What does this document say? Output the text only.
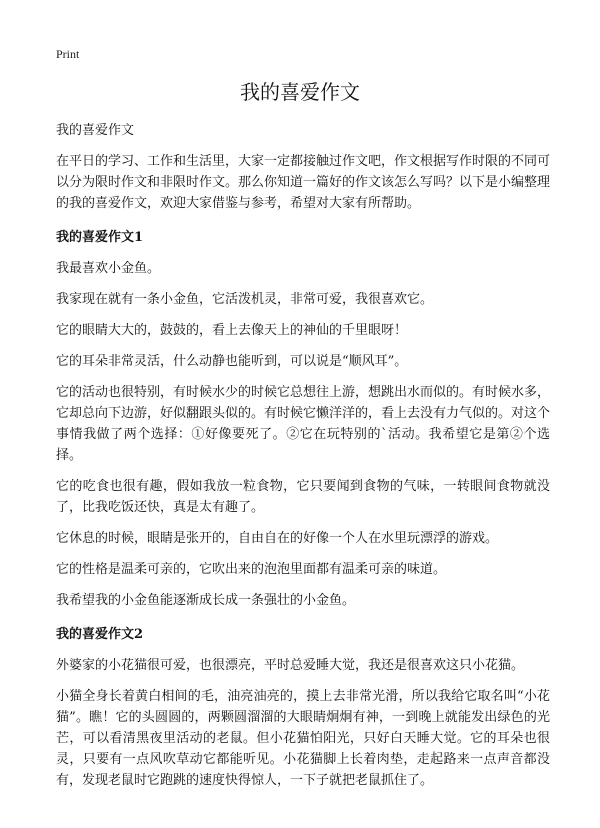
Print
我的喜爱作文

我的喜爱作文

在平日的学习、工作和生活里，大家一定都接触过作文吧，作文根据写作时限的不同可以分为限时作文和非限时作文。那么你知道一篇好的作文该怎么写吗？以下是小编整理的我的喜爱作文，欢迎大家借鉴与参考，希望对大家有所帮助。

我的喜爱作文1

我最喜欢小金鱼。

我家现在就有一条小金鱼，它活泼机灵，非常可爱，我很喜欢它。

它的眼睛大大的，鼓鼓的，看上去像天上的神仙的千里眼呀！

它的耳朵非常灵活，什么动静也能听到，可以说是“顺风耳”。

它的活动也很特别，有时候水少的时候它总想往上游，想跳出水而似的。有时候水多，它却总向下边游，好似翻跟头似的。有时候它懒洋洋的，看上去没有力气似的。对这个事情我做了两个选择：①好像要死了。②它在玩特别的`活动。我希望它是第②个选择。

它的吃食也很有趣，假如我放一粒食物，它只要闻到食物的气味，一转眼间食物就没了，比我吃饭还快，真是太有趣了。

它休息的时候，眼睛是张开的，自由自在的好像一个人在水里玩漂浮的游戏。

它的性格是温柔可亲的，它吹出来的泡泡里面都有温柔可亲的味道。

我希望我的小金鱼能逐渐成长成一条强壮的小金鱼。

我的喜爱作文2

外婆家的小花猫很可爱，也很漂亮，平时总爱睡大觉，我还是很喜欢这只小花猫。

小猫全身长着黄白相间的毛，油亮油亮的，摸上去非常光滑，所以我给它取名叫“小花猫”。瞧！它的头圆圆的，两颗圆溜溜的大眼睛炯炯有神，一到晚上就能发出绿色的光芒，可以看清黑夜里活动的老鼠。但小花猫怕阳光，只好白天睡大觉。它的耳朵也很灵，只要有一点风吹草动它都能听见。小花猫脚上长着肉垫，走起路来一点声音都没有，发现老鼠时它跑跳的速度快得惊人，一下子就把老鼠抓住了。
